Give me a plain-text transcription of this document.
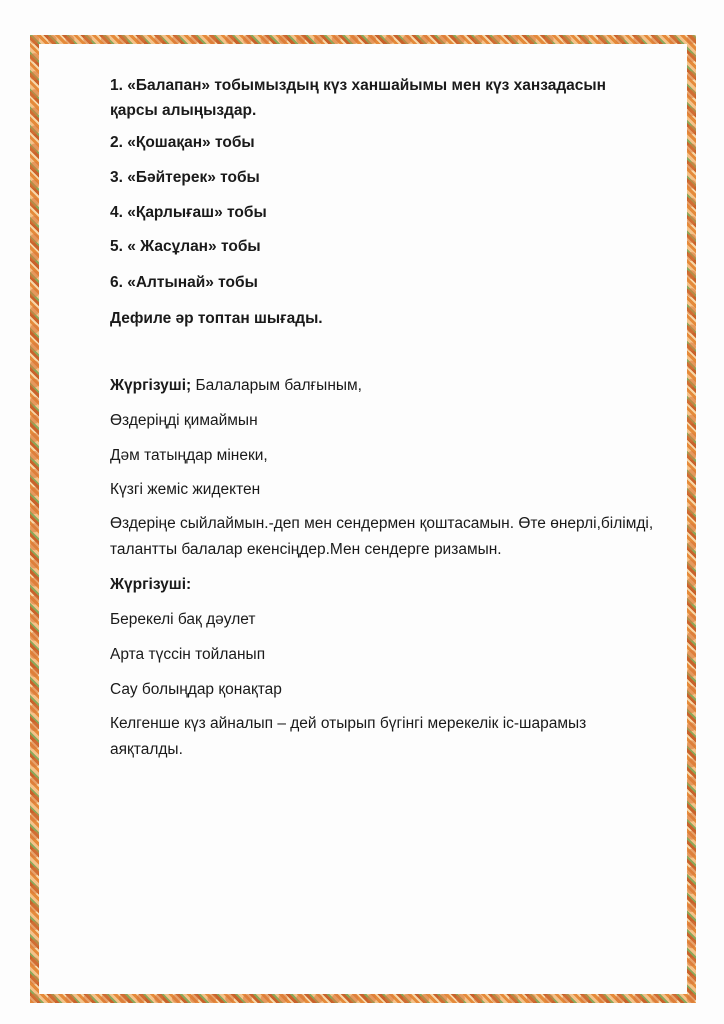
1. «Балапан» тобымыздың күз ханшайымы мен күз ханзадасын
қарсы алыңыздар.
2. «Қошақан» тобы
3. «Бәйтерек» тобы
4. «Қарлығаш» тобы
5. « Жасұлан» тобы
6. «Алтынай» тобы
Дефиле әр топтан шығады.
Жүргізуші; Балаларым балғыным,
Өздеріңді қимаймын
Дәм татыңдар мінеки,
Күзгі жеміс жидектен
Өздеріңе сыйлаймын.-деп мен сендермен қоштасамын. Өте өнерлі,білімді, талантты балалар екенсіңдер.Мен сендерге ризамын.
Жүргізуші:
Берекелі бақ дәулет
Арта түссін тойланып
Сау болыңдар қонақтар
Келгенше күз айналып – дей отырып бүгінгі мерекелік іс-шарамыз аяқталды.
